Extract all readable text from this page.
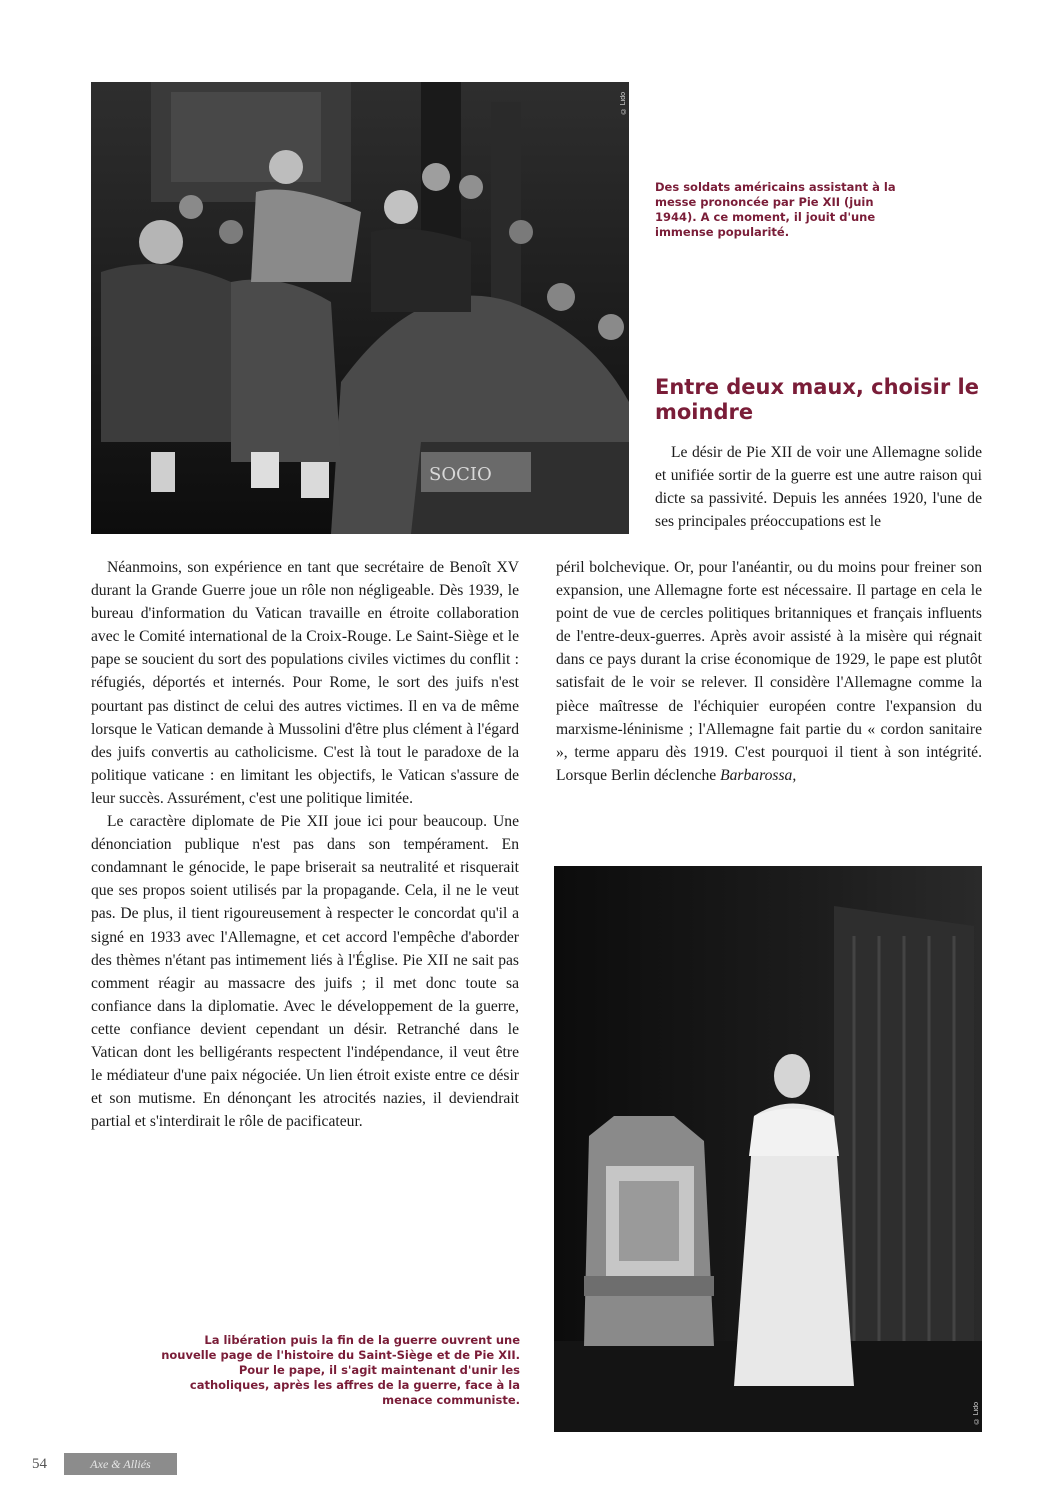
SOCIO
© Lido
Des soldats américains assistant à la messe prononcée par Pie XII (juin 1944). A ce moment, il jouit d'une immense popularité.
Entre deux maux, choisir le moindre

Le désir de Pie XII de voir une Allemagne solide et unifiée sortir de la guerre est une autre raison qui dicte sa passivité. Depuis les années 1920, l'une de ses principales préoccupations est le

péril bolchevique. Or, pour l'anéantir, ou du moins pour freiner son expansion, une Allemagne forte est nécessaire. Il partage en cela le point de vue de cercles politiques britanniques et français influents de l'entre-deux-guerres. Après avoir assisté à la misère qui régnait dans ce pays durant la crise économique de 1929, le pape est plutôt satisfait de le voir se relever. Il considère l'Allemagne comme la pièce maîtresse de l'échiquier européen contre l'expansion du marxisme-léninisme ; l'Allemagne fait partie du « cordon sanitaire », terme apparu dès 1919. C'est pourquoi il tient à son intégrité. Lorsque Berlin déclenche Barbarossa,

Néanmoins, son expérience en tant que secrétaire de Benoît XV durant la Grande Guerre joue un rôle non négligeable. Dès 1939, le bureau d'information du Vatican travaille en étroite collaboration avec le Comité international de la Croix-Rouge. Le Saint-Siège et le pape se soucient du sort des populations civiles victimes du conflit : réfugiés, déportés et internés. Pour Rome, le sort des juifs n'est pourtant pas distinct de celui des autres victimes. Il en va de même lorsque le Vatican demande à Mussolini d'être plus clément à l'égard des juifs convertis au catholicisme. C'est là tout le paradoxe de la politique vaticane : en limitant les objectifs, le Vatican s'assure de leur succès. Assurément, c'est une politique limitée.

Le caractère diplomate de Pie XII joue ici pour beaucoup. Une dénonciation publique n'est pas dans son tempérament. En condamnant le génocide, le pape briserait sa neutralité et risquerait que ses propos soient utilisés par la propagande. Cela, il ne le veut pas. De plus, il tient rigoureusement à respecter le concordat qu'il a signé en 1933 avec l'Allemagne, et cet accord l'empêche d'aborder des thèmes n'étant pas intimement liés à l'Église. Pie XII ne sait pas comment réagir au massacre des juifs ; il met donc toute sa confiance dans la diplomatie. Avec le développement de la guerre, cette confiance devient cependant un désir. Retranché dans le Vatican dont les belligérants respectent l'indépendance, il veut être le médiateur d'une paix négociée. Un lien étroit existe entre ce désir et son mutisme. En dénonçant les atrocités nazies, il deviendrait partial et s'interdirait le rôle de pacificateur.

© Lido
La libération puis la fin de la guerre ouvrent une nouvelle page de l'histoire du Saint-Siège et de Pie XII. Pour le pape, il s'agit maintenant d'unir les catholiques, après les affres de la guerre, face à la menace communiste.
54	Axe & Alliés
